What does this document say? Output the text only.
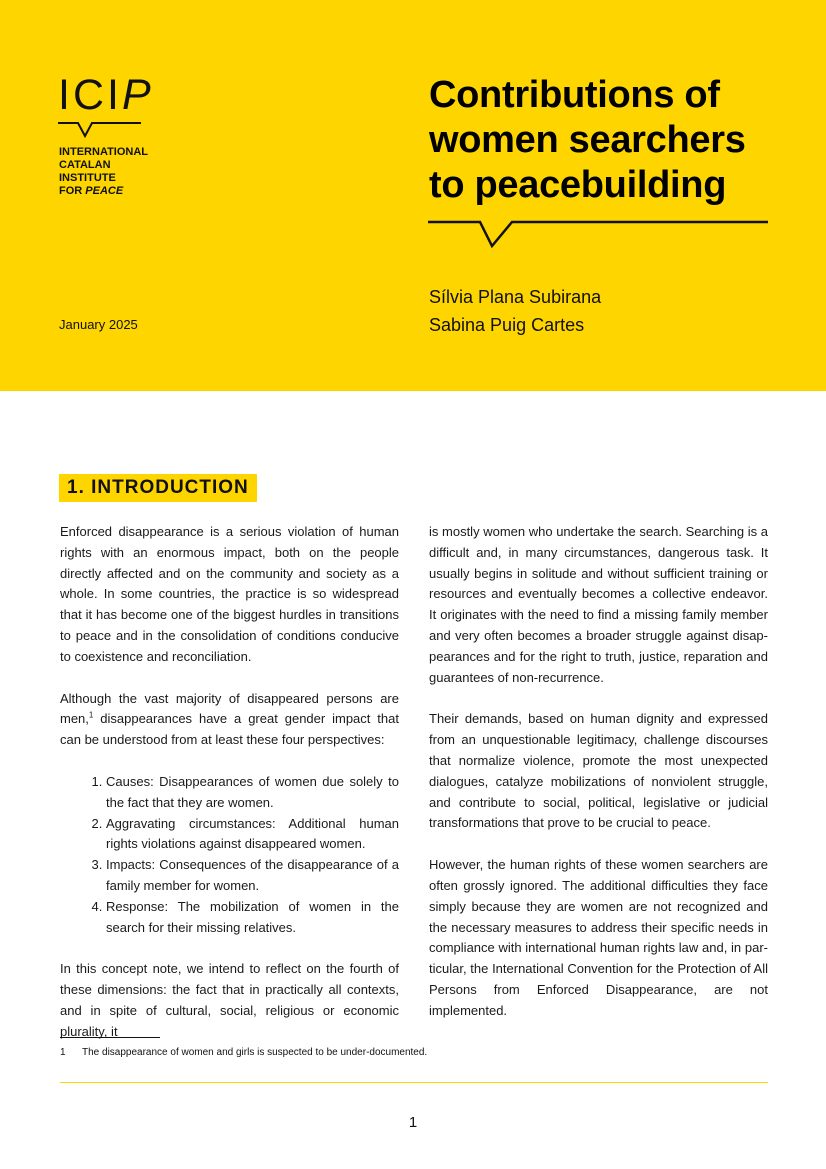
ICIP
INTERNATIONAL
CATALAN
INSTITUTE
FOR PEACE
January 2025
Contributions of
women searchers
to peacebuilding
Sílvia Plana Subirana
Sabina Puig Cartes
1. INTRODUCTION

Enforced disappearance is a serious violation of human rights with an enormous impact, both on the people directly affected and on the community and society as a whole. In some countries, the practice is so widespread that it has become one of the biggest hurdles in transitions to peace and in the consolidation of conditions conducive to coexistence and reconciliation.

Although the vast majority of disappeared persons are men,$^1$ disappearances have a great gender impact that can be understood from at least these four perspectives:

1. Causes: Disappearances of women due solely to the fact that they are women.
2. Aggravating circumstances: Additional human rights violations against disappeared women.
3. Impacts: Consequences of the disappearance of a family member for women.
4. Response: The mobilization of women in the search for their missing relatives.

In this concept note, we intend to reflect on the fourth of these dimensions: the fact that in practically all contexts, and in spite of cultural, social, religious or economic plurality, it

is mostly women who undertake the search. Searching is a difficult and, in many circumstances, dangerous task. It usually begins in solitude and without sufficient training or resources and eventually becomes a collective endeavor. It originates with the need to find a missing family member and very often becomes a broader struggle against disappearances and for the right to truth, justice, reparation and guarantees of non-recurrence.

Their demands, based on human dignity and expressed from an unquestionable legitimacy, challenge discourses that normalize violence, promote the most unexpected dialogues, catalyze mobilizations of nonviolent struggle, and contribute to social, political, legislative or judicial transformations that prove to be crucial to peace.

However, the human rights of these women searchers are often grossly ignored. The additional difficulties they face simply because they are women are not recognized and the necessary measures to address their specific needs in compliance with international human rights law and, in particular, the International Convention for the Protection of All Persons from Enforced Disappearance, are not implemented.

1 The disappearance of women and girls is suspected to be under-documented.
1
